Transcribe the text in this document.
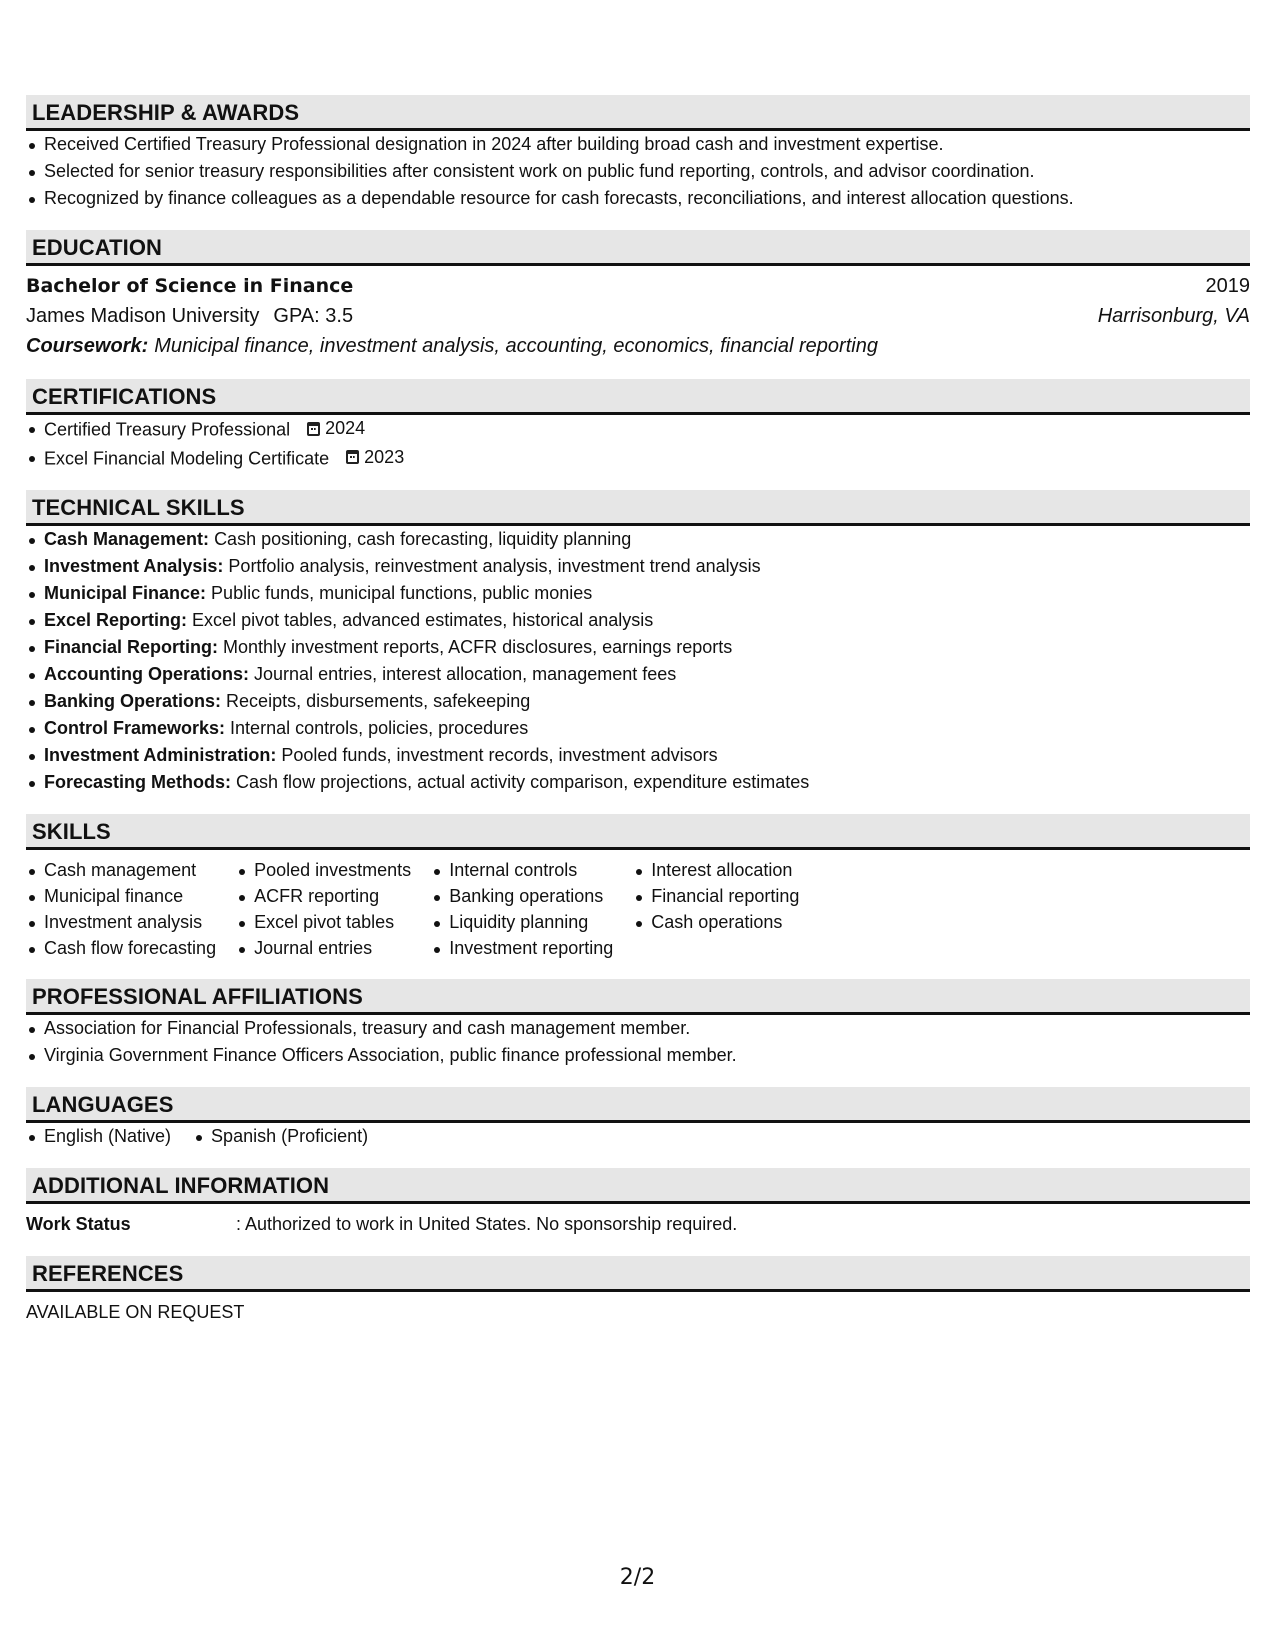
LEADERSHIP & AWARDS
Received Certified Treasury Professional designation in 2024 after building broad cash and investment expertise.
Selected for senior treasury responsibilities after consistent work on public fund reporting, controls, and advisor coordination.
Recognized by finance colleagues as a dependable resource for cash forecasts, reconciliations, and interest allocation questions.
EDUCATION
Bachelor of Science in Finance	2019
James Madison University GPA: 3.5	Harrisonburg, VA
Coursework: Municipal finance, investment analysis, accounting, economics, financial reporting
CERTIFICATIONS
Certified Treasury Professional 2024
Excel Financial Modeling Certificate 2023
TECHNICAL SKILLS
Cash Management: Cash positioning, cash forecasting, liquidity planning
Investment Analysis: Portfolio analysis, reinvestment analysis, investment trend analysis
Municipal Finance: Public funds, municipal functions, public monies
Excel Reporting: Excel pivot tables, advanced estimates, historical analysis
Financial Reporting: Monthly investment reports, ACFR disclosures, earnings reports
Accounting Operations: Journal entries, interest allocation, management fees
Banking Operations: Receipts, disbursements, safekeeping
Control Frameworks: Internal controls, policies, procedures
Investment Administration: Pooled funds, investment records, investment advisors
Forecasting Methods: Cash flow projections, actual activity comparison, expenditure estimates
SKILLS
Cash management
Municipal finance
Investment analysis
Cash flow forecasting
Pooled investments
ACFR reporting
Excel pivot tables
Journal entries
Internal controls
Banking operations
Liquidity planning
Investment reporting
Interest allocation
Financial reporting
Cash operations
PROFESSIONAL AFFILIATIONS
Association for Financial Professionals, treasury and cash management member.
Virginia Government Finance Officers Association, public finance professional member.
LANGUAGES
English (Native)	Spanish (Proficient)
ADDITIONAL INFORMATION
Work Status	: Authorized to work in United States. No sponsorship required.
REFERENCES
AVAILABLE ON REQUEST
2/2
